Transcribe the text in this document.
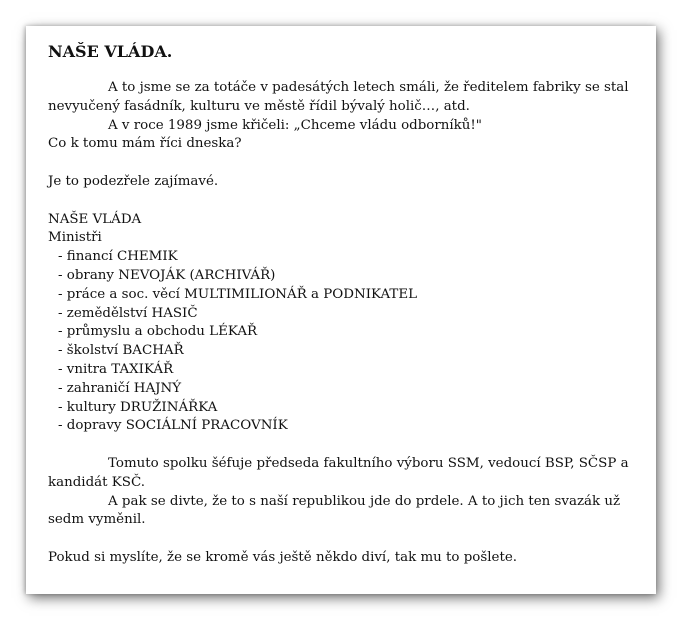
NAŠE VLÁDA.

A to jsme se za totáče v padesátých letech smáli, že ředitelem fabriky se stal nevyučený fasádník, kulturu ve městě řídil bývalý holič…, atd.

A v roce 1989 jsme křičeli: „Chceme vládu odborníků!"

Co k tomu mám říci dneska?

Je to podezřele zajímavé.

NAŠE VLÁDA

Ministři

- financí CHEMIK
- obrany NEVOJÁK (ARCHIVÁŘ)
- práce a soc. věcí MULTIMILIONÁŘ a PODNIKATEL
- zemědělství HASIČ
- průmyslu a obchodu LÉKAŘ
- školství BACHAŘ
- vnitra TAXIKÁŘ
- zahraničí HAJNÝ
- kultury DRUŽINÁŘKA
- dopravy SOCIÁLNÍ PRACOVNÍK

Tomuto spolku šéfuje předseda fakultního výboru SSM, vedoucí BSP, SČSP a kandidát KSČ.

A pak se divte, že to s naší republikou jde do prdele. A to jich ten svazák už sedm vyměnil.

Pokud si myslíte, že se kromě vás ještě někdo diví, tak mu to pošlete.
